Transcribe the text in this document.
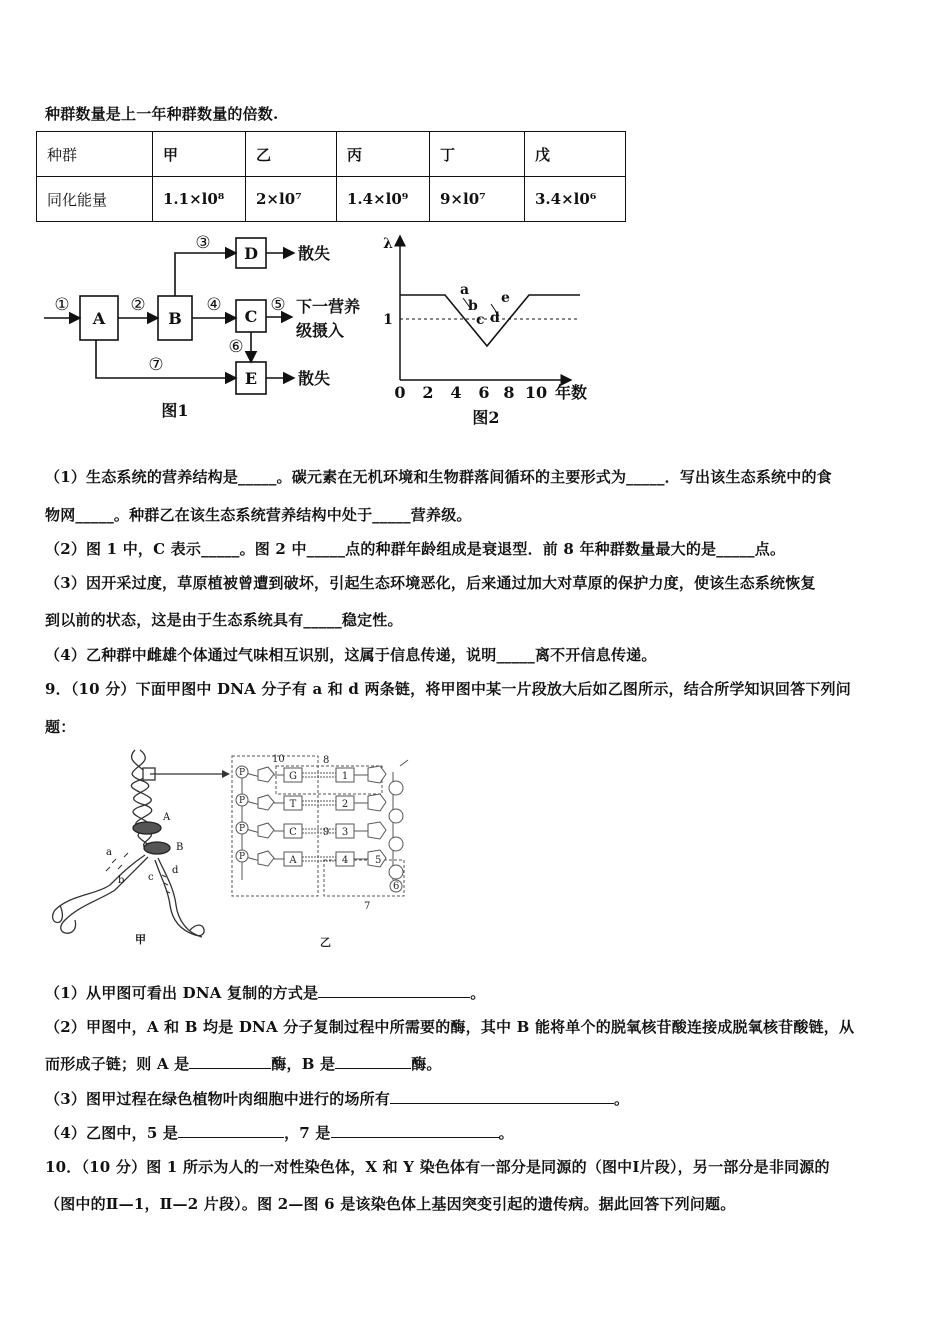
种群数量是上一年种群数量的倍数.
种群	甲	乙	丙	丁	戊
同化能量	1.1×l0⁸	2×l0⁷	1.4×l0⁹	9×l0⁷	3.4×l0⁶
A	B	C
D
E
①	②
③
④	⑤
⑥
⑦
散失
散失
下一营养
级摄入
图1
λ
1
a
b
c d
e
0 2 4 6 8 10 年数
图2
（1）生态系统的营养结构是_____。碳元素在无机环境和生物群落间循环的主要形式为_____．写出该生态系统中的食
物网_____。种群乙在该生态系统营养结构中处于_____营养级。
（2）图 1 中，C 表示_____。图 2 中_____点的种群年龄组成是衰退型．前 8 年种群数量最大的是_____点。
（3）因开采过度，草原植被曾遭到破坏，引起生态环境恶化，后来通过加大对草原的保护力度，使该生态系统恢复
到以前的状态，这是由于生态系统具有_____稳定性。
（4）乙种群中雌雄个体通过气味相互识别，这属于信息传递，说明_____离不开信息传递。
9．（10 分）下面甲图中 DNA 分子有 a 和 d 两条链，将甲图中某一片段放大后如乙图所示，结合所学知识回答下列问
题：
A
B
a
b c
d
甲
P
P
P
P
G
T
C
A
10	8
1
2
9 3
4	5
6
7
乙
（1）从甲图可看出 DNA 复制的方式是	。
（2）甲图中，A 和 B 均是 DNA 分子复制过程中所需要的酶，其中 B 能将单个的脱氧核苷酸连接成脱氧核苷酸链，从
而形成子链；则 A 是	酶，B 是	酶。
（3）图甲过程在绿色植物叶肉细胞中进行的场所有	。
（4）乙图中，5 是	，7 是	。
10．（10 分）图 1 所示为人的一对性染色体，X 和 Y 染色体有一部分是同源的（图中Ⅰ片段），另一部分是非同源的
（图中的Ⅱ—1，Ⅱ—2 片段）。图 2—图 6 是该染色体上基因突变引起的遗传病。据此回答下列问题。
